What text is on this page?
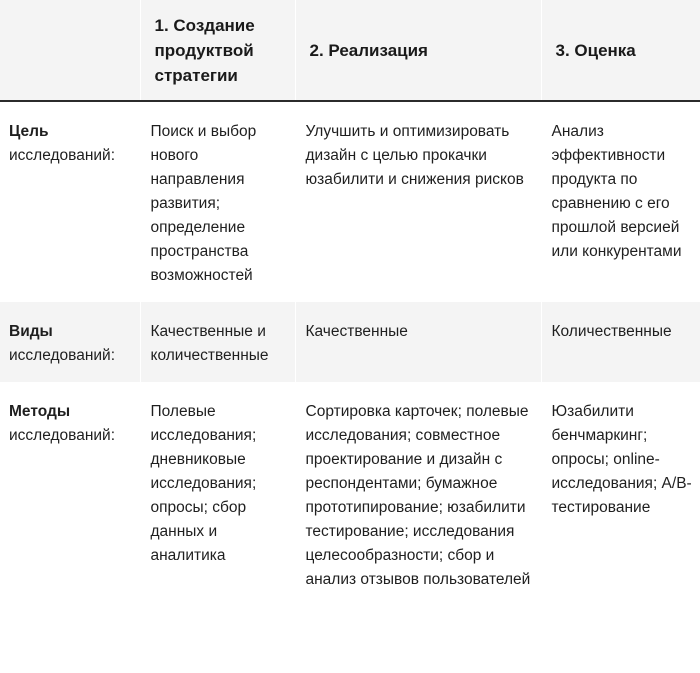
	1. Создание продуктвой стратегии	2. Реализация	3. Оценка

Цель
исследований:	Поиск и выбор нового направления развития; определение пространства возможностей	Улучшить и оптимизировать дизайн с целью прокачки юзабилити и снижения рисков	Анализ эффективности продукта по сравнению с его прошлой версией или конкурентами

Виды
исследований:	Качественные и количественные	Качественные	Количественные

Методы
исследований:	Полевые исследования; дневниковые исследования; опросы; сбор данных и аналитика	Сортировка карточек; полевые исследования; совместное проектирование и дизайн с респондентами; бумажное прототипирование; юзабилити тестирование; исследования целесообразности; сбор и анализ отзывов пользователей	Юзабилити бенчмаркинг; опросы; online-исследования; A/B-тестирование
